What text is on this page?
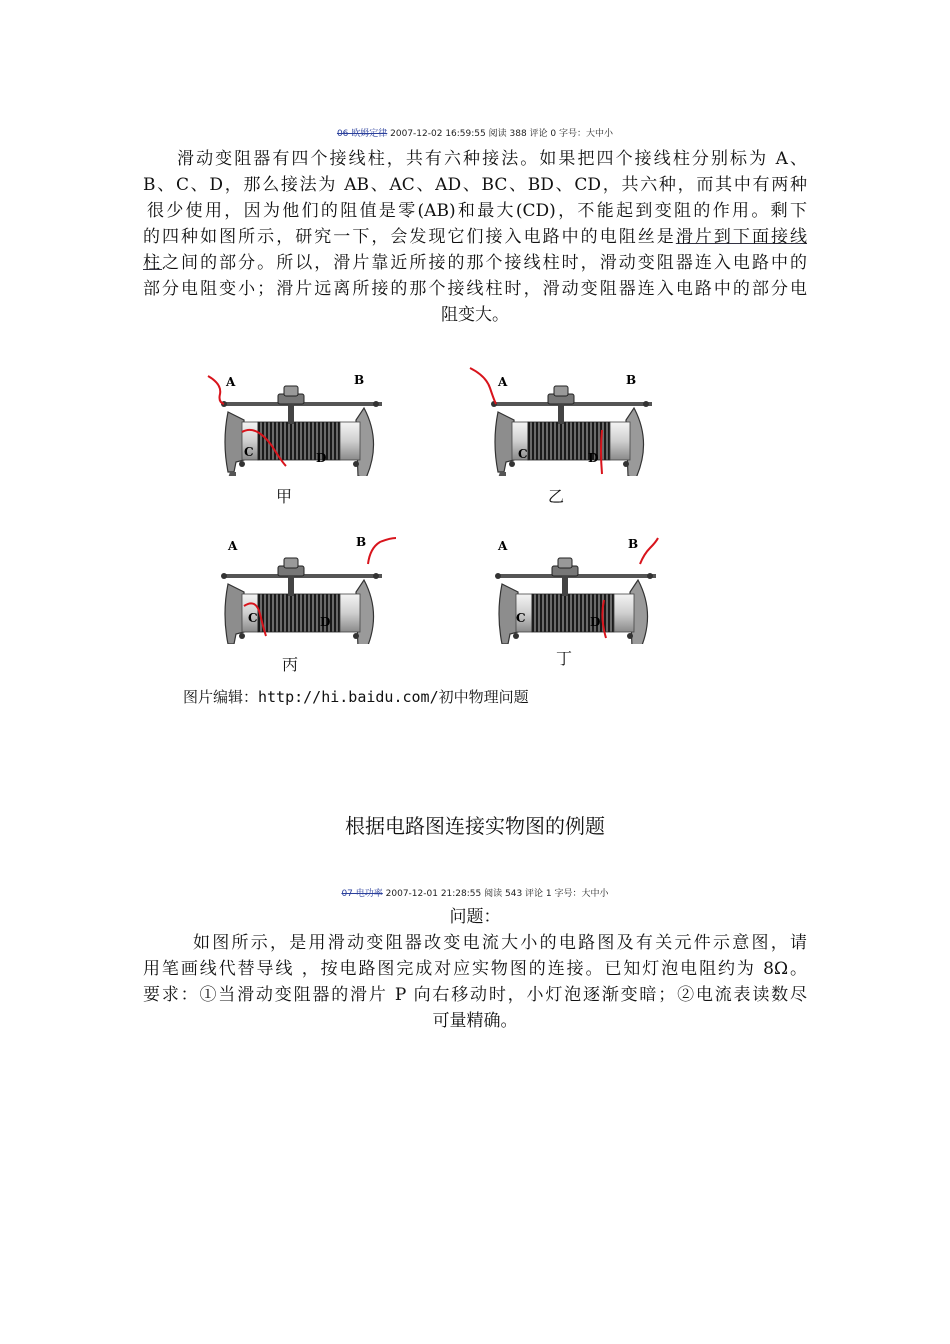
06 欧姆定律 2007-12-02 16:59:55 阅读 388 评论 0 字号：大中小
滑动变阻器有四个接线柱，共有六种接法。如果把四个接线柱分别标为 A、
B、C、D，那么接法为 AB、AC、AD、BC、BD、CD，共六种，而其中有两种
很少使用，因为他们的阻值是零(AB)和最大(CD)，不能起到变阻的作用。剩下
的四种如图所示，研究一下，会发现它们接入电路中的电阻丝是滑片到下面接线
柱之间的部分。所以，滑片靠近所接的那个接线柱时，滑动变阻器连入电路中的
部分电阻变小；滑片远离所接的那个接线柱时，滑动变阻器连入电路中的部分电
阻变大。
A	B
C	D
甲
A	B
C	D
乙
A	B
C	D
丙
A	B
C	D
丁
图片编辑：http://hi.baidu.com/初中物理问题
根据电路图连接实物图的例题
07 电功率 2007-12-01 21:28:55 阅读 543 评论 1 字号：大中小
问题：
如图所示，是用滑动变阻器改变电流大小的电路图及有关元件示意图，请
用笔画线代替导线 ，按电路图完成对应实物图的连接。已知灯泡电阻约为 8Ω。
要求：①当滑动变阻器的滑片 P 向右移动时，小灯泡逐渐变暗；②电流表读数尽
可量精确。
